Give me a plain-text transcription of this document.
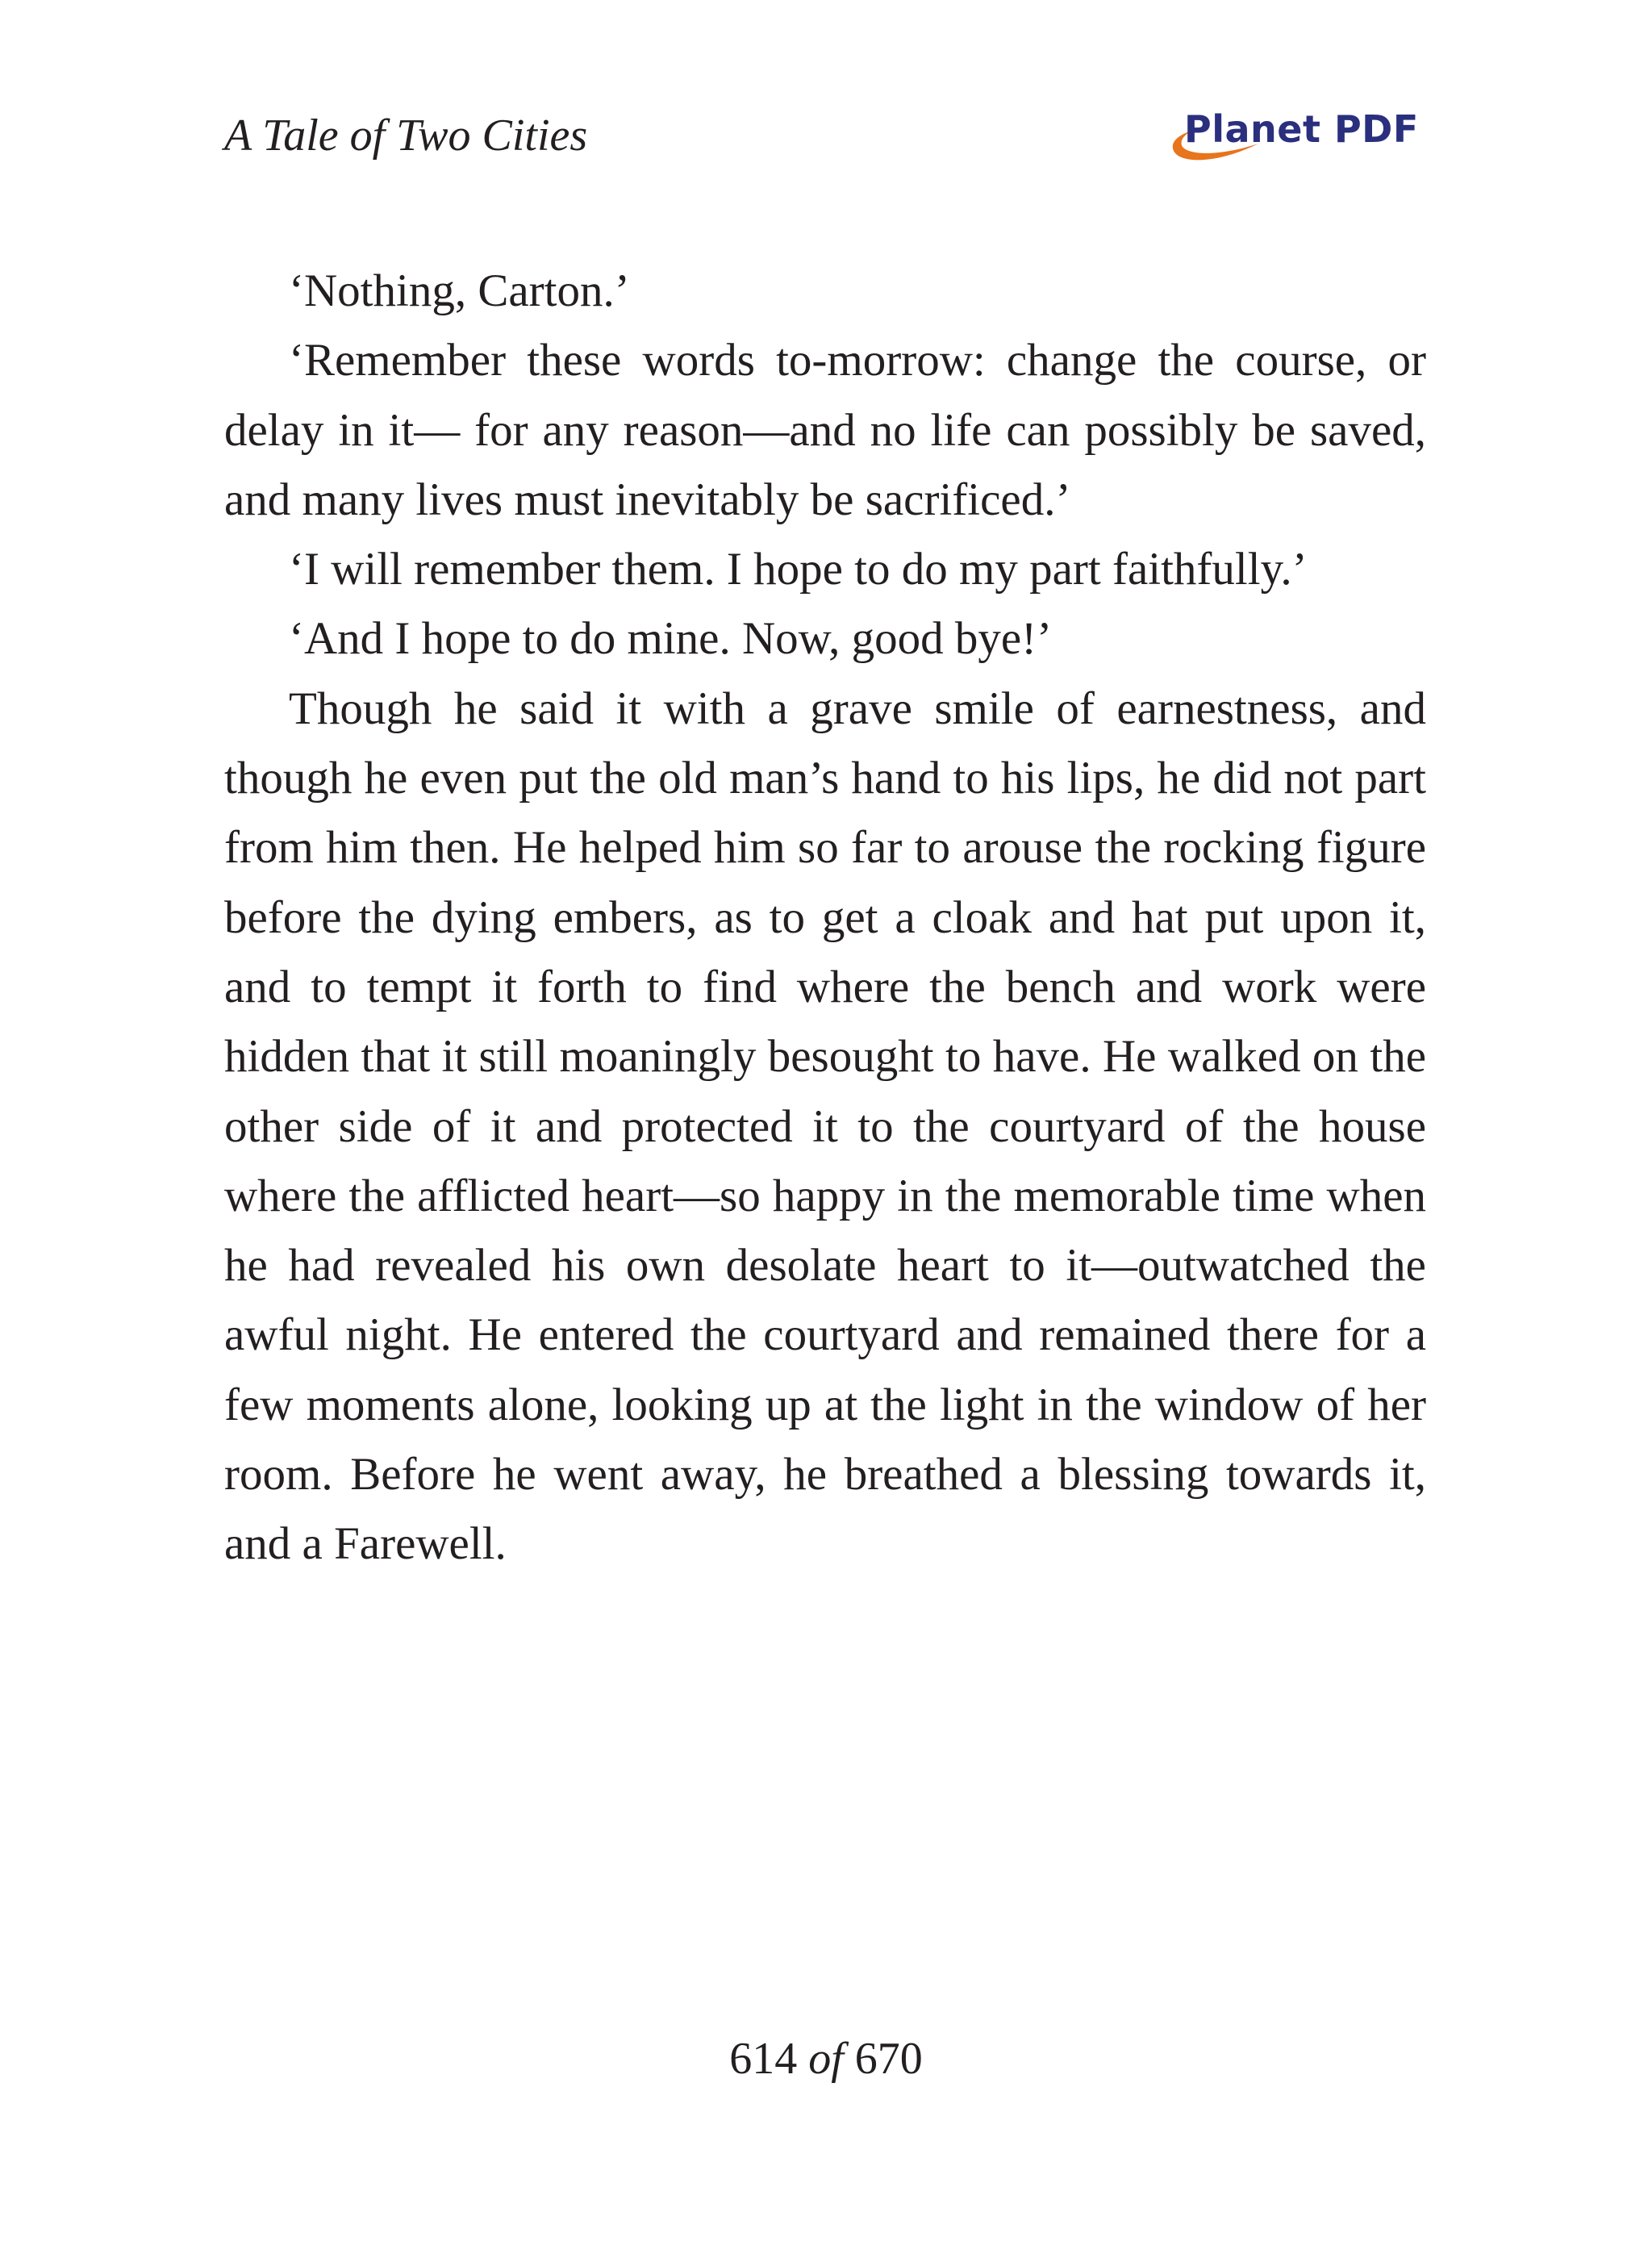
A Tale of Two Cities	Planet PDF

‘Nothing, Carton.’

‘Remember these words to-morrow: change the course, or delay in it— for any reason—and no life can possibly be saved, and many lives must inevitably be sacrificed.’

‘I will remember them. I hope to do my part faithfully.’

‘And I hope to do mine. Now, good bye!’

Though he said it with a grave smile of earnestness, and though he even put the old man’s hand to his lips, he did not part from him then. He helped him so far to arouse the rocking figure before the dying embers, as to get a cloak and hat put upon it, and to tempt it forth to find where the bench and work were hidden that it still moaningly besought to have. He walked on the other side of it and protected it to the courtyard of the house where the afflicted heart—so happy in the memorable time when he had revealed his own desolate heart to it—outwatched the awful night. He entered the courtyard and remained there for a few moments alone, looking up at the light in the window of her room. Before he went away, he breathed a blessing towards it, and a Farewell.

614 of 670
